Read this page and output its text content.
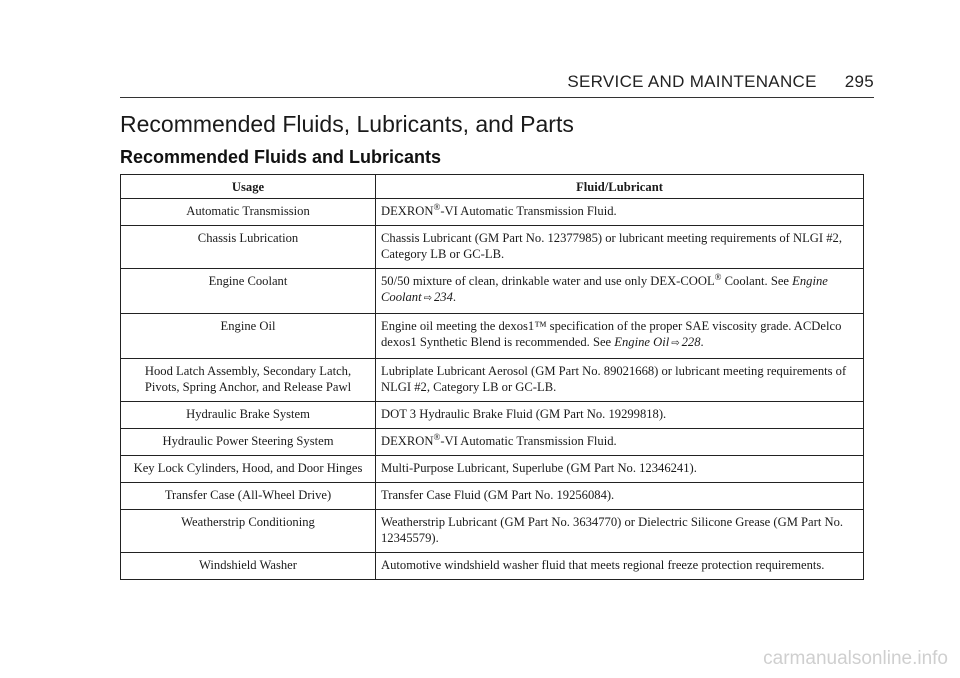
SERVICE AND MAINTENANCE 295
Recommended Fluids, Lubricants, and Parts
Recommended Fluids and Lubricants
Usage	Fluid/Lubricant
Automatic Transmission	DEXRON®-VI Automatic Transmission Fluid.
Chassis Lubrication	Chassis Lubricant (GM Part No. 12377985) or lubricant meeting requirements of NLGI #2, Category LB or GC-LB.
Engine Coolant	50/50 mixture of clean, drinkable water and use only DEX-COOL® Coolant. See Engine Coolant ⇨ 234.
Engine Oil	Engine oil meeting the dexos1™ specification of the proper SAE viscosity grade. ACDelco dexos1 Synthetic Blend is recommended. See Engine Oil ⇨ 228.
Hood Latch Assembly, Secondary Latch, Pivots, Spring Anchor, and Release Pawl	Lubriplate Lubricant Aerosol (GM Part No. 89021668) or lubricant meeting requirements of NLGI #2, Category LB or GC-LB.
Hydraulic Brake System	DOT 3 Hydraulic Brake Fluid (GM Part No. 19299818).
Hydraulic Power Steering System	DEXRON®-VI Automatic Transmission Fluid.
Key Lock Cylinders, Hood, and Door Hinges	Multi-Purpose Lubricant, Superlube (GM Part No. 12346241).
Transfer Case (All-Wheel Drive)	Transfer Case Fluid (GM Part No. 19256084).
Weatherstrip Conditioning	Weatherstrip Lubricant (GM Part No. 3634770) or Dielectric Silicone Grease (GM Part No. 12345579).
Windshield Washer	Automotive windshield washer fluid that meets regional freeze protection requirements.
carmanualsonline.info
